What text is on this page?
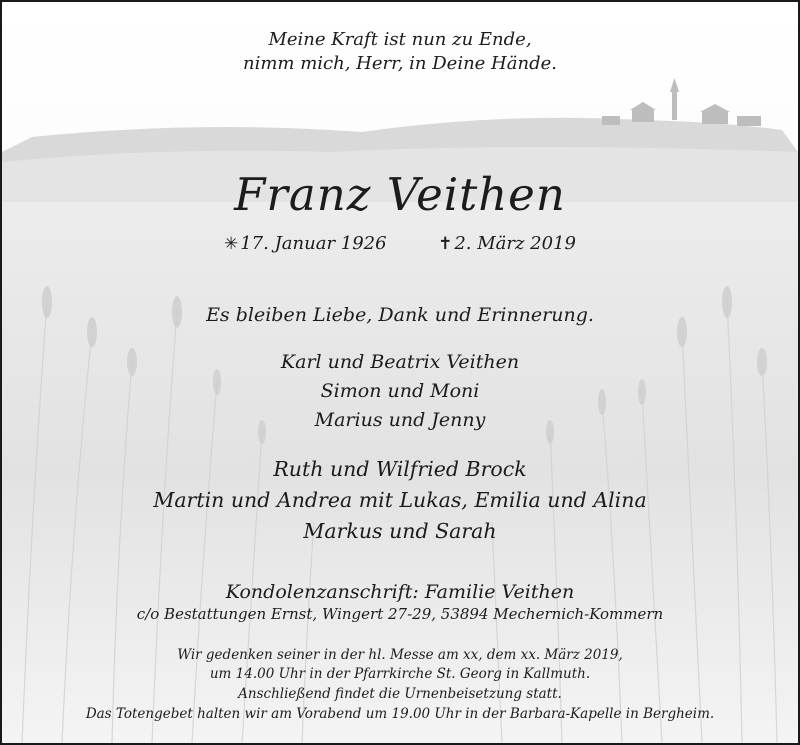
Meine Kraft ist nun zu Ende,
nimm mich, Herr, in Deine Hände.
Franz Veithen
✳ 17. Januar 1926	✝ 2. März 2019
Es bleiben Liebe, Dank und Erinnerung.
Karl und Beatrix Veithen
Simon und Moni
Marius und Jenny
Ruth und Wilfried Brock
Martin und Andrea mit Lukas, Emilia und Alina
Markus und Sarah
Kondolenzanschrift: Familie Veithen
c/o Bestattungen Ernst, Wingert 27-29, 53894 Mechernich-Kommern
Wir gedenken seiner in der hl. Messe am xx, dem xx. März 2019,
um 14.00 Uhr in der Pfarrkirche St. Georg in Kallmuth.
Anschließend findet die Urnenbeisetzung statt.
Das Totengebet halten wir am Vorabend um 19.00 Uhr in der Barbara-Kapelle in Bergheim.
